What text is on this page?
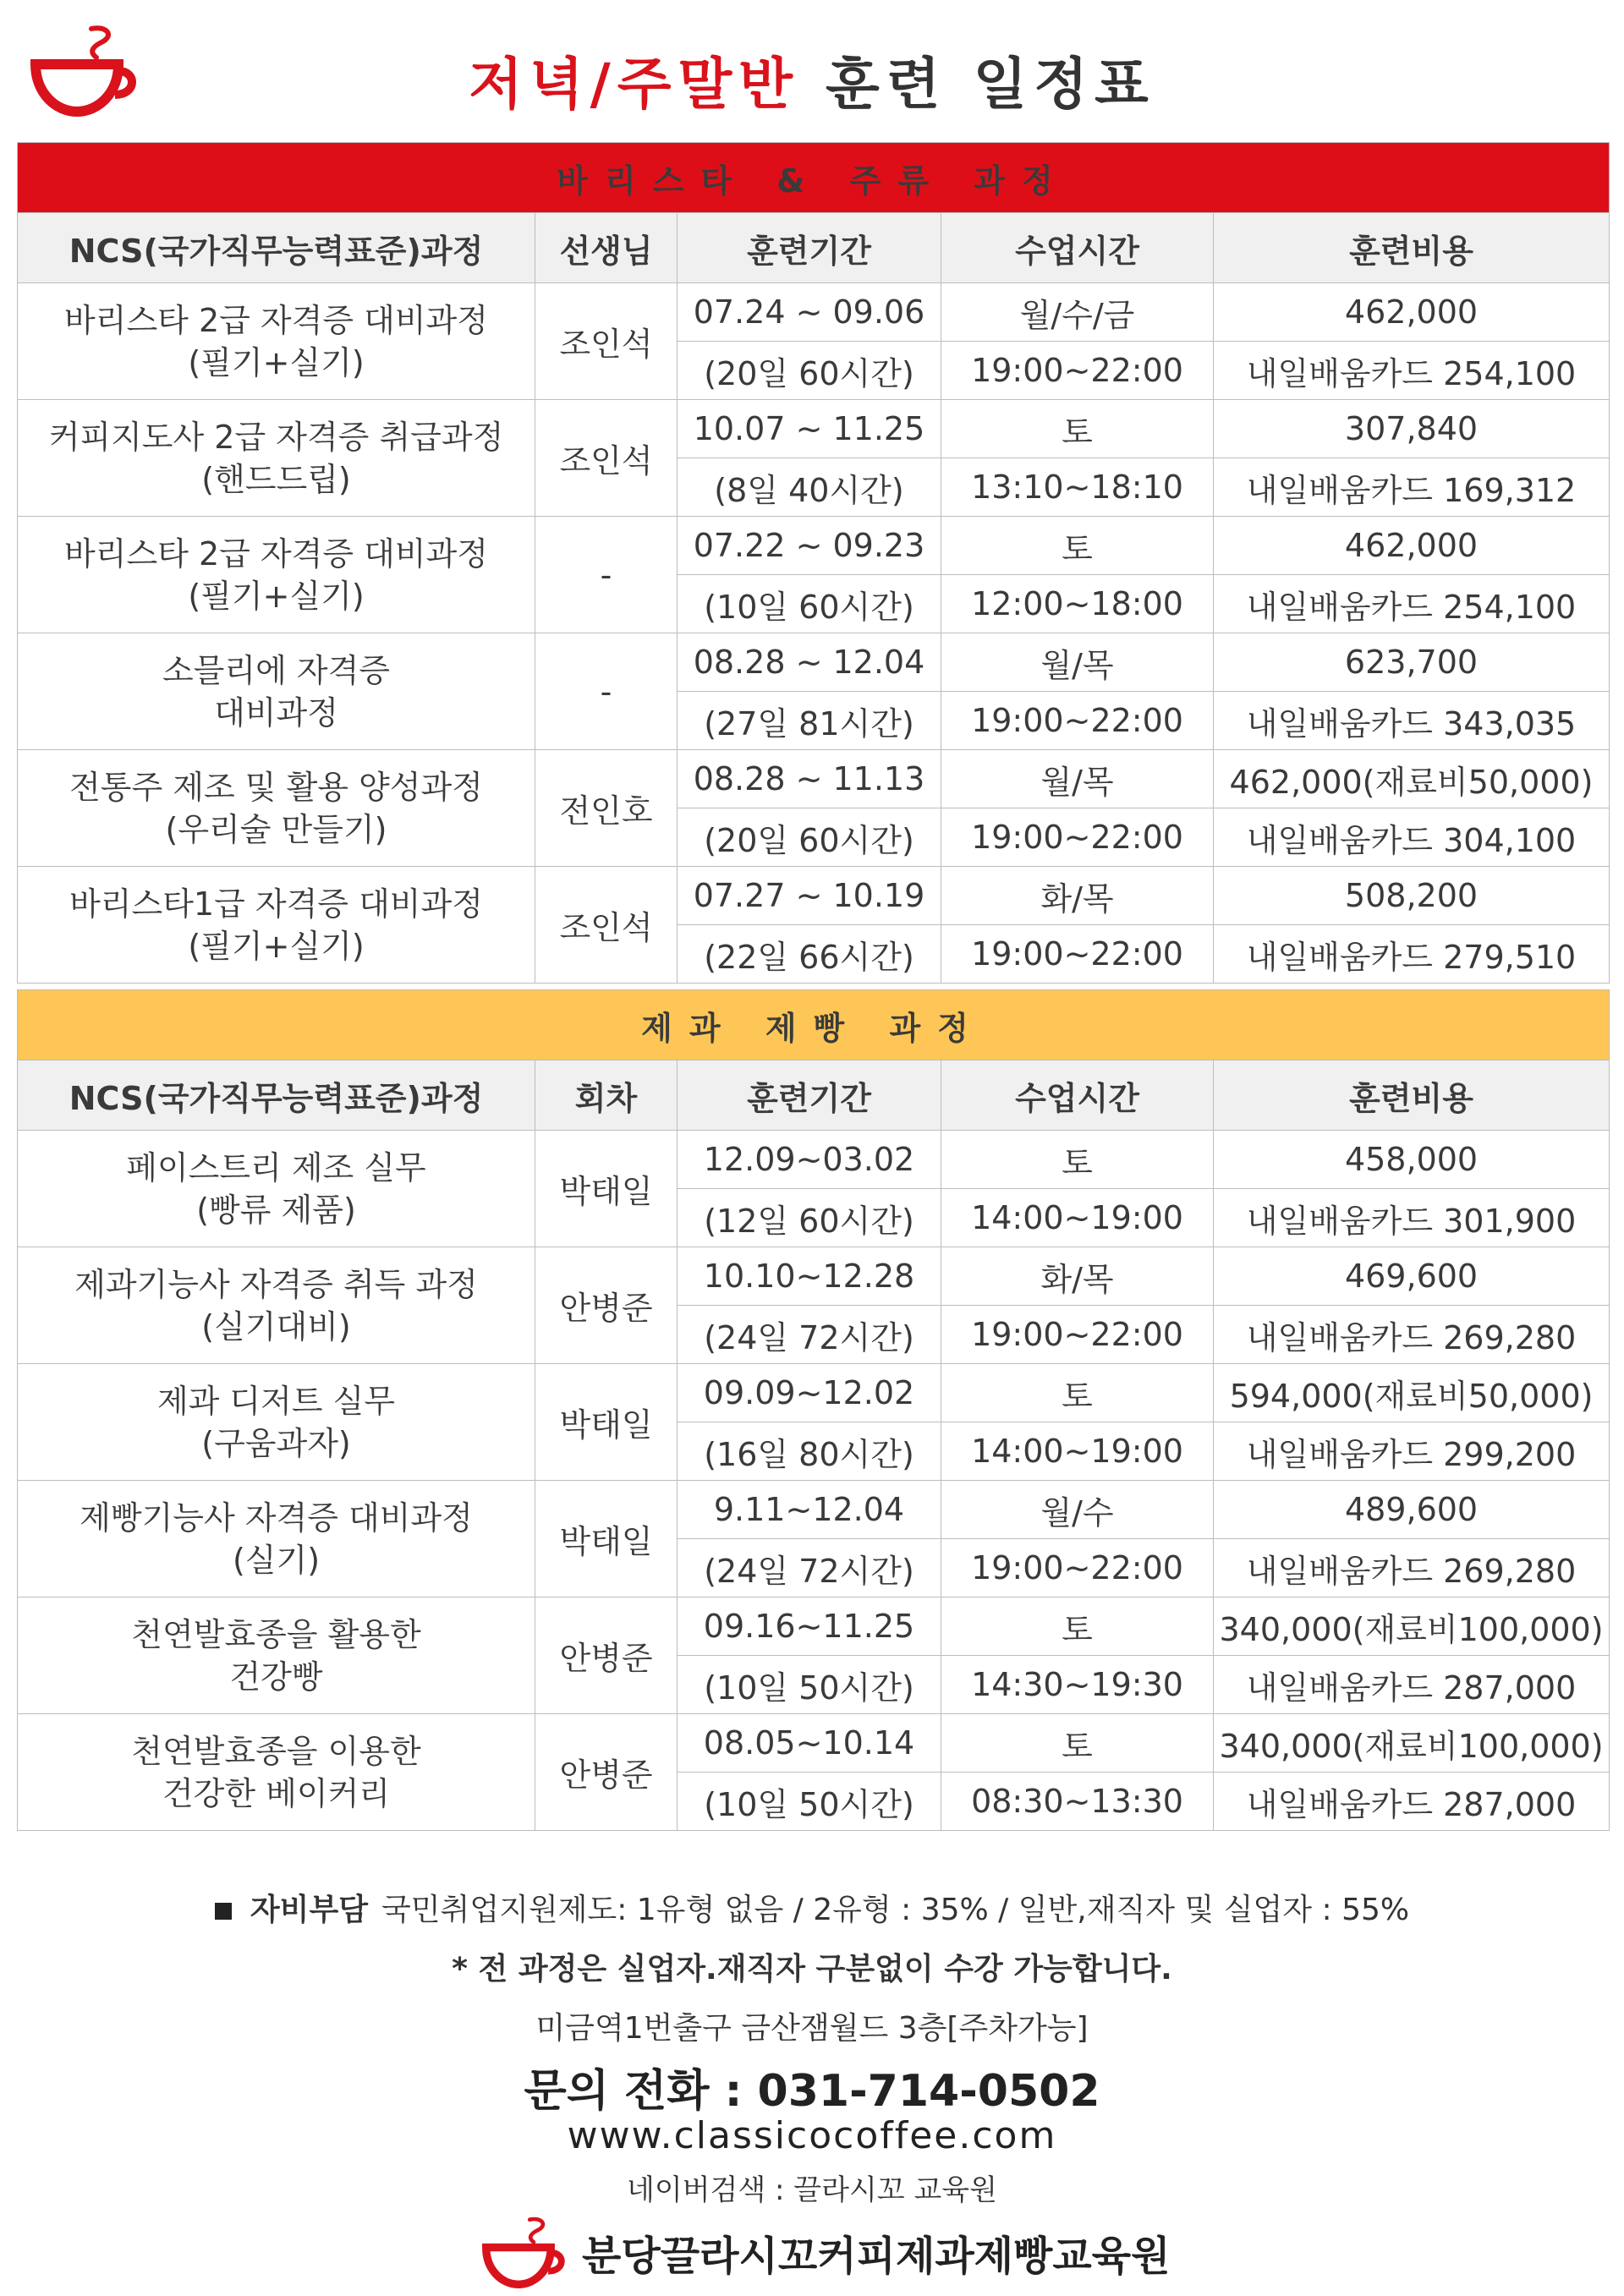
저녁/주말반 훈련 일정표
바리스타 & 주류 과정				
NCS(국가직무능력표준)과정	선생님	훈련기간	수업시간	훈련비용

바리스타 2급 자격증 대비과정
(필기+실기)	조인석	07.24 ~ 09.06	월/수/금	462,000
		(20일 60시간)	19:00~22:00	내일배움카드 254,100

커피지도사 2급 자격증 취급과정
(핸드드립)	조인석	10.07 ~ 11.25	토	307,840
		(8일 40시간)	13:10~18:10	내일배움카드 169,312

바리스타 2급 자격증 대비과정
(필기+실기)	-	07.22 ~ 09.23	토	462,000
		(10일 60시간)	12:00~18:00	내일배움카드 254,100

소믈리에 자격증
대비과정	-	08.28 ~ 12.04	월/목	623,700
		(27일 81시간)	19:00~22:00	내일배움카드 343,035

전통주 제조 및 활용 양성과정
(우리술 만들기)	전인호	08.28 ~ 11.13	월/목	462,000(재료비50,000)
		(20일 60시간)	19:00~22:00	내일배움카드 304,100

바리스타1급 자격증 대비과정
(필기+실기)	조인석	07.27 ~ 10.19	화/목	508,200
		(22일 66시간)	19:00~22:00	내일배움카드 279,510
제과 제빵 과정				
NCS(국가직무능력표준)과정	회차	훈련기간	수업시간	훈련비용

페이스트리 제조 실무
(빵류 제품)	박태일	12.09~03.02	토	458,000
		(12일 60시간)	14:00~19:00	내일배움카드 301,900

제과기능사 자격증 취득 과정
(실기대비)	안병준	10.10~12.28	화/목	469,600
		(24일 72시간)	19:00~22:00	내일배움카드 269,280

제과 디저트 실무
(구움과자)	박태일	09.09~12.02	토	594,000(재료비50,000)
		(16일 80시간)	14:00~19:00	내일배움카드 299,200

제빵기능사 자격증 대비과정
(실기)	박태일	9.11~12.04	월/수	489,600
		(24일 72시간)	19:00~22:00	내일배움카드 269,280

천연발효종을 활용한
건강빵	안병준	09.16~11.25	토	340,000(재료비100,000)
		(10일 50시간)	14:30~19:30	내일배움카드 287,000

천연발효종을 이용한
건강한 베이커리	안병준	08.05~10.14	토	340,000(재료비100,000)
		(10일 50시간)	08:30~13:30	내일배움카드 287,000
자비부담 국민취업지원제도: 1유형 없음 / 2유형 : 35% / 일반,재직자 및 실업자 : 55%
* 전 과정은 실업자.재직자 구분없이 수강 가능합니다.
미금역1번출구 금산잼월드 3층[주차가능]
문의 전화 : 031-714-0502
www.classicocoffee.com
네이버검색 : 끌라시꼬 교육원
분당끌라시꼬커피제과제빵교육원
